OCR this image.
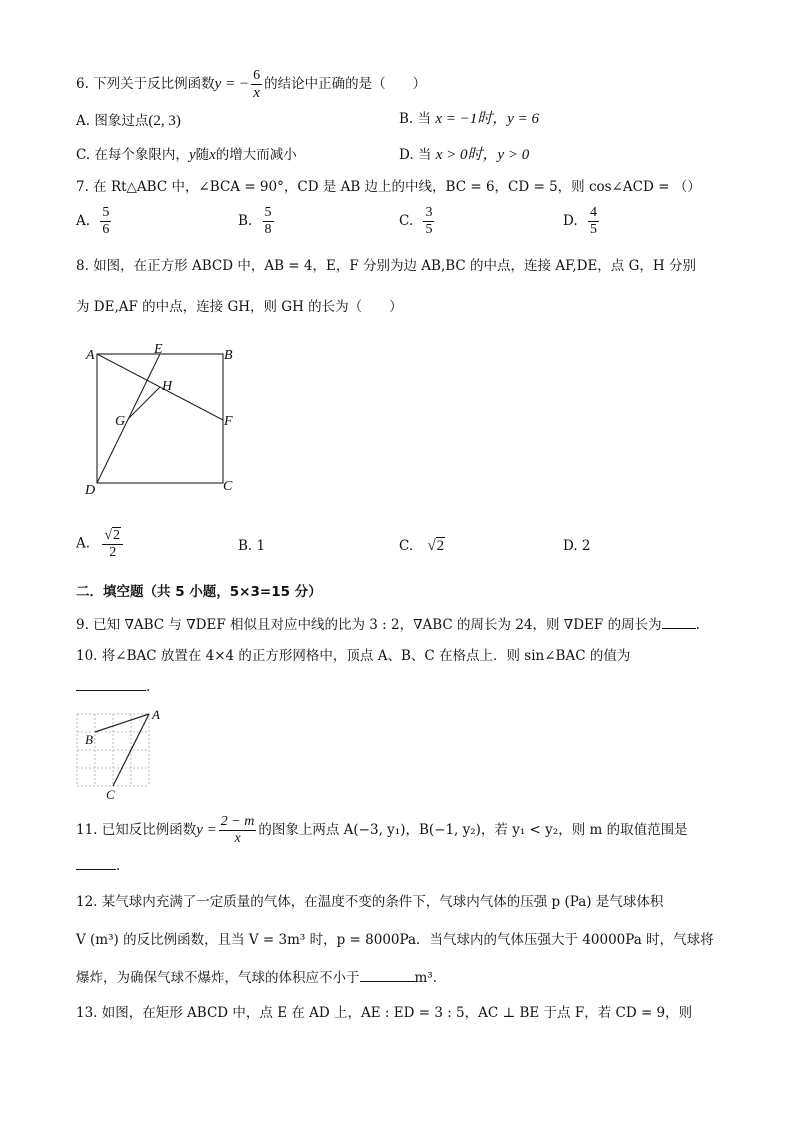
6. 下列关于反比例函数y = − $\frac{6}{x}$ 的结论中正确的是（　　）
A. 图象过点(2, 3)	B. 当 x = −1时，y = 6
C. 在每个象限内，y随x的增大而减小	D. 当 x > 0时，y > 0
7. 在 Rt△ABC 中，∠BCA = 90°，CD 是 AB 边上的中线，BC = 6，CD = 5，则 cos∠ACD = （）
A. $\frac{5}{6}$	B. $\frac{5}{8}$	C. $\frac{3}{5}$	D. $\frac{4}{5}$
8. 如图，在正方形 ABCD 中，AB = 4，E，F 分别为边 AB,BC 的中点，连接 AF,DE，点 G，H 分别
为 DE,AF 的中点，连接 GH，则 GH 的长为（　　）
A	B
E
H
G	F
D	C
A. $\frac{√2}{2}$	B. 1	C. √2	D. 2
二．填空题（共 5 小题，5×3=15 分）
9. 已知 ∇ABC 与 ∇DEF 相似且对应中线的比为 3 : 2，∇ABC 的周长为 24，则 ∇DEF 的周长为	.
10. 将∠BAC 放置在 4×4 的正方形网格中，顶点 A、B、C 在格点上．则 sin∠BAC 的值为
.
A
B
C
11. 已知反比例函数$y = \frac{2 - m}{x}$ 的图象上两点 A(−3, y₁)，B(−1, y₂)，若 y₁ < y₂，则 m 的取值范围是
.
12. 某气球内充满了一定质量的气体，在温度不变的条件下，气球内气体的压强 p (Pa) 是气球体积
V (m³) 的反比例函数，且当 V = 3m³ 时，p = 8000Pa．当气球内的气体压强大于 40000Pa 时，气球将
爆炸，为确保气球不爆炸，气球的体积应不小于	m³．
13. 如图，在矩形 ABCD 中，点 E 在 AD 上，AE : ED = 3 : 5，AC ⊥ BE 于点 F，若 CD = 9，则
